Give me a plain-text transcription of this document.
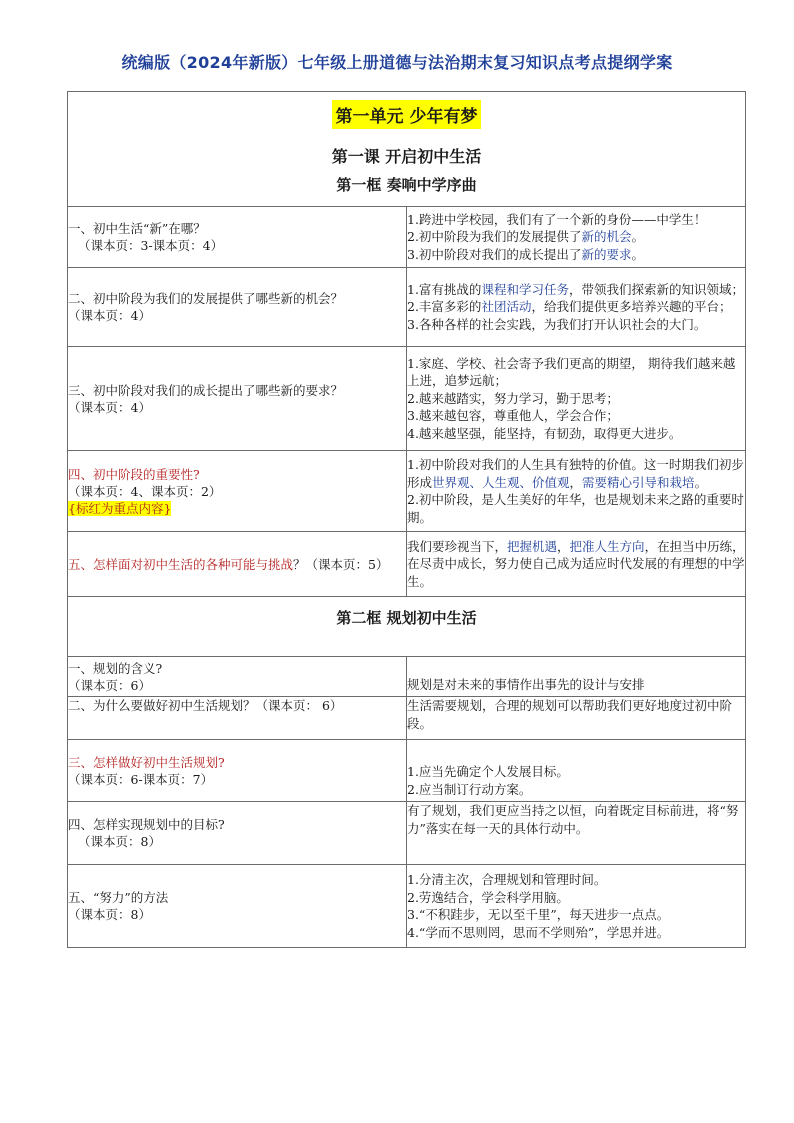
统编版（2024年新版）七年级上册道德与法治期末复习知识点考点提纲学案
第一单元 少年有梦
第一课 开启初中生活
第一框 奏响中学序曲	

一、初中生活“新”在哪？
（课本页：3-课本页：4）	1.跨进中学校园，我们有了一个新的身份——中学生！
2.初中阶段为我们的发展提供了新的机会。
3.初中阶段对我们的成长提出了新的要求。

二、初中阶段为我们的发展提供了哪些新的机会？
（课本页：4）	1.富有挑战的课程和学习任务，带领我们探索新的知识领域；
2.丰富多彩的社团活动，给我们提供更多培养兴趣的平台；
3.各种各样的社会实践，为我们打开认识社会的大门。

三、初中阶段对我们的成长提出了哪些新的要求？
（课本页：4）	1.家庭、学校、社会寄予我们更高的期望， 期待我们越来越上进，追梦远航；
2.越来越踏实，努力学习，勤于思考；
3.越来越包容，尊重他人，学会合作；
4.越来越坚强，能坚持，有韧劲，取得更大进步。

四、初中阶段的重要性?
（课本页：4、课本页：2）
{标红为重点内容}	1.初中阶段对我们的人生具有独特的价值。这一时期我们初步形成世界观、人生观、价值观，需要精心引导和栽培。
2.初中阶段，是人生美好的年华，也是规划未来之路的重要时期。

五、怎样面对初中生活的各种可能与挑战？（课本页：5）	我们要珍视当下，把握机遇，把准人生方向，在担当中历练，在尽责中成长，努力使自己成为适应时代发展的有理想的中学生。

第二框 规划初中生活	

一、规划的含义?
（课本页：6）	规划是对未来的事情作出事先的设计与安排

二、为什么要做好初中生活规划？（课本页： 6）	生活需要规划，合理的规划可以帮助我们更好地度过初中阶段。

三、怎样做好初中生活规划?
（课本页：6-课本页：7）	1.应当先确定个人发展目标。
2.应当制订行动方案。

四、怎样实现规划中的目标?
（课本页：8）	有了规划，我们更应当持之以恒，向着既定目标前进，将“努力”落实在每一天的具体行动中。

五、“努力”的方法
（课本页：8）	1.分清主次，合理规划和管理时间。
2.劳逸结合，学会科学用脑。
3.“不积跬步，无以至千里”，每天进步一点点。
4.“学而不思则罔，思而不学则殆”，学思并进。
